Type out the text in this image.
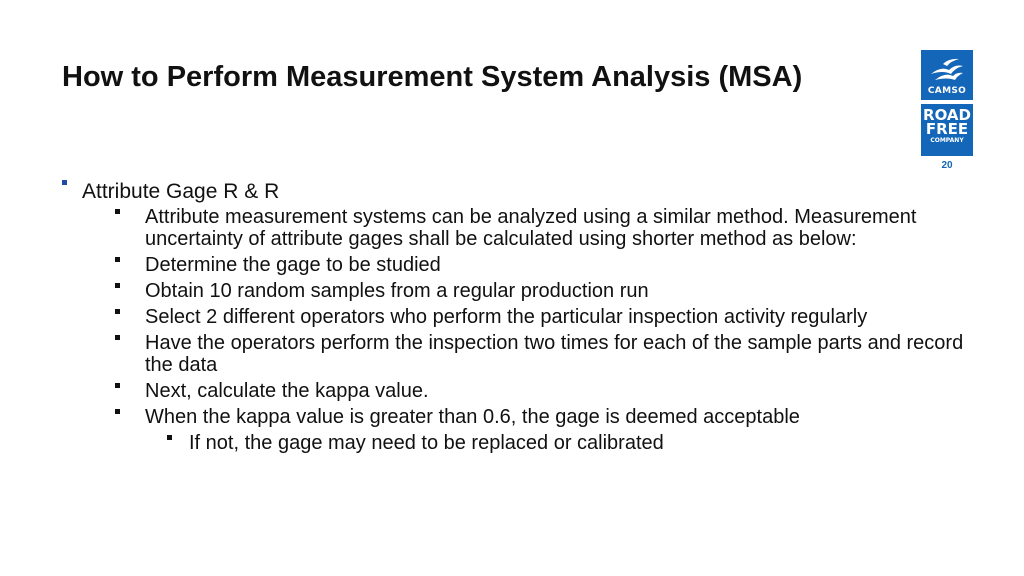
How to Perform Measurement System Analysis (MSA)	CAMSO
ROAD
FREE
COMPANY
20
Attribute Gage R & R
Attribute measurement systems can be analyzed using a similar method. Measurement uncertainty of attribute gages shall be calculated using shorter method as below:
Determine the gage to be studied
Obtain 10 random samples from a regular production run
Select 2 different operators who perform the particular inspection activity regularly
Have the operators perform the inspection two times for each of the sample parts and record the data
Next, calculate the kappa value.
When the kappa value is greater than 0.6, the gage is deemed acceptable
If not, the gage may need to be replaced or calibrated
